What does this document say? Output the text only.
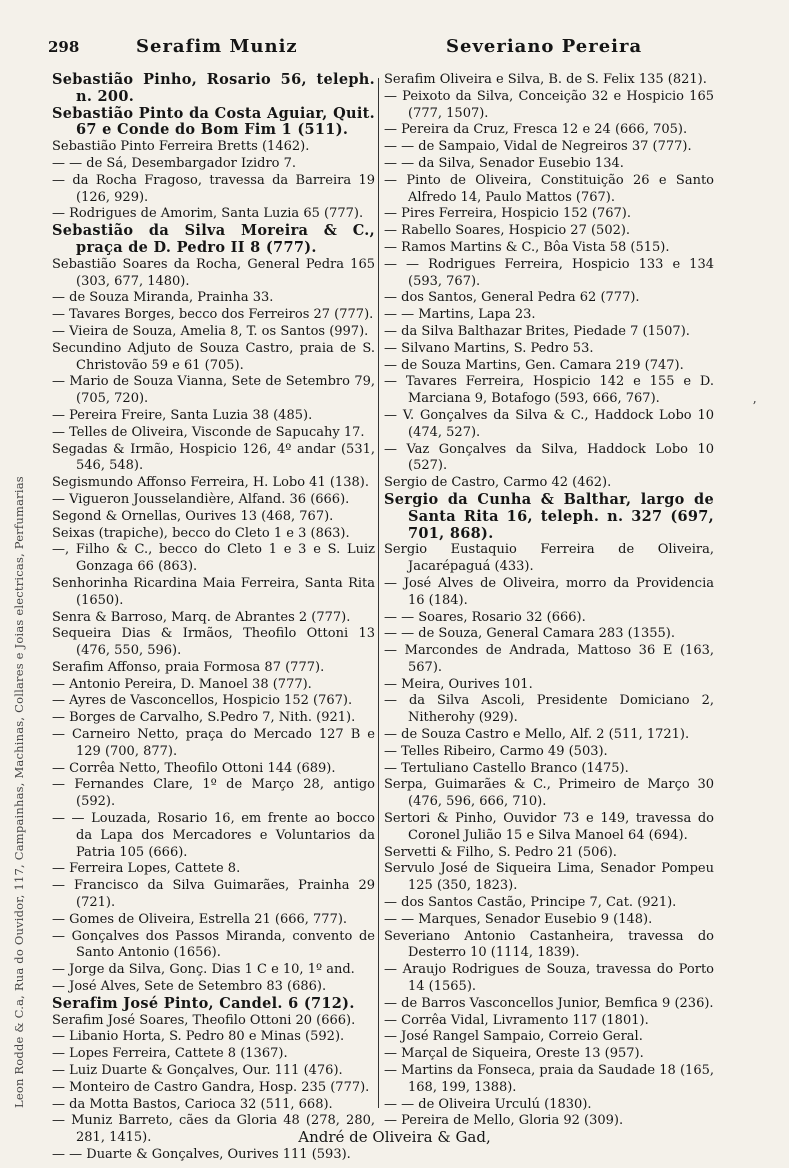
298	Serafim Muniz	Severiano Pereira
Leon Rodde & C.a, Rua do Ouvidor, 117, Campainhas, Machinas, Collares e Joias electricas, Perfumarias
Sebastião Pinho, Rosario 56, teleph. n. 200.
Sebastião Pinto da Costa Aguiar, Quit. 67 e Conde do Bom Fim 1 (511).
Sebastião Pinto Ferreira Bretts (1462).
— — de Sá, Desembargador Izidro 7.
— da Rocha Fragoso, travessa da Barreira 19 (126, 929).
— Rodrigues de Amorim, Santa Luzia 65 (777).
Sebastião da Silva Moreira & C., praça de D. Pedro II 8 (777).
Sebastião Soares da Rocha, General Pedra 165 (303, 677, 1480).
— de Souza Miranda, Prainha 33.
— Tavares Borges, becco dos Ferreiros 27 (777).
— Vieira de Souza, Amelia 8, T. os Santos (997).
Secundino Adjuto de Souza Castro, praia de S. Christovão 59 e 61 (705).
— Mario de Souza Vianna, Sete de Setembro 79, (705, 720).
— Pereira Freire, Santa Luzia 38 (485).
— Telles de Oliveira, Visconde de Sapucahy 17.
Segadas & Irmão, Hospicio 126, 4º andar (531, 546, 548).
Segismundo Affonso Ferreira, H. Lobo 41 (138).
— Vigueron Jousselandière, Alfand. 36 (666).
Segond & Ornellas, Ourives 13 (468, 767).
Seixas (trapiche), becco do Cleto 1 e 3 (863).
—, Filho & C., becco do Cleto 1 e 3 e S. Luiz Gonzaga 66 (863).
Senhorinha Ricardina Maia Ferreira, Santa Rita (1650).
Senra & Barroso, Marq. de Abrantes 2 (777).
Sequeira Dias & Irmãos, Theofilo Ottoni 13 (476, 550, 596).
Serafim Affonso, praia Formosa 87 (777).
— Antonio Pereira, D. Manoel 38 (777).
— Ayres de Vasconcellos, Hospicio 152 (767).
— Borges de Carvalho, S.Pedro 7, Nith. (921).
— Carneiro Netto, praça do Mercado 127 B e 129 (700, 877).
— Corrêa Netto, Theofilo Ottoni 144 (689).
— Fernandes Clare, 1º de Março 28, antigo (592).
— — Louzada, Rosario 16, em frente ao bocco da Lapa dos Mercadores e Voluntarios da Patria 105 (666).
— Ferreira Lopes, Cattete 8.
— Francisco da Silva Guimarães, Prainha 29 (721).
— Gomes de Oliveira, Estrella 21 (666, 777).
— Gonçalves dos Passos Miranda, convento de Santo Antonio (1656).
— Jorge da Silva, Gonç. Dias 1 C e 10, 1º and.
— José Alves, Sete de Setembro 83 (686).
Serafim José Pinto, Candel. 6 (712).
Serafim José Soares, Theofilo Ottoni 20 (666).
— Libanio Horta, S. Pedro 80 e Minas (592).
— Lopes Ferreira, Cattete 8 (1367).
— Luiz Duarte & Gonçalves, Our. 111 (476).
— Monteiro de Castro Gandra, Hosp. 235 (777).
— da Motta Bastos, Carioca 32 (511, 668).
— Muniz Barreto, cães da Gloria 48 (278, 280, 281, 1415).
— — Duarte & Gonçalves, Ourives 111 (593).
Serafim Oliveira e Silva, B. de S. Felix 135 (821).
— Peixoto da Silva, Conceição 32 e Hospicio 165 (777, 1507).
— Pereira da Cruz, Fresca 12 e 24 (666, 705).
— — de Sampaio, Vidal de Negreiros 37 (777).
— — da Silva, Senador Eusebio 134.
— Pinto de Oliveira, Constituição 26 e Santo Alfredo 14, Paulo Mattos (767).
— Pires Ferreira, Hospicio 152 (767).
— Rabello Soares, Hospicio 27 (502).
— Ramos Martins & C., Bôa Vista 58 (515).
— — Rodrigues Ferreira, Hospicio 133 e 134 (593, 767).
— dos Santos, General Pedra 62 (777).
— — Martins, Lapa 23.
— da Silva Balthazar Brites, Piedade 7 (1507).
— Silvano Martins, S. Pedro 53.
— de Souza Martins, Gen. Camara 219 (747).
— Tavares Ferreira, Hospicio 142 e 155 e D. Marciana 9, Botafogo (593, 666, 767).
— V. Gonçalves da Silva & C., Haddock Lobo 10 (474, 527).
— Vaz Gonçalves da Silva, Haddock Lobo 10 (527).
Sergio de Castro, Carmo 42 (462).
Sergio da Cunha & Balthar, largo de Santa Rita 16, teleph. n. 327 (697, 701, 868).
Sergio Eustaquio Ferreira de Oliveira, Jacarépaguá (433).
— José Alves de Oliveira, morro da Providencia 16 (184).
— — Soares, Rosario 32 (666).
— — de Souza, General Camara 283 (1355).
— Marcondes de Andrada, Mattoso 36 E (163, 567).
— Meira, Ourives 101.
— da Silva Ascoli, Presidente Domiciano 2, Nitherohy (929).
— de Souza Castro e Mello, Alf. 2 (511, 1721).
— Telles Ribeiro, Carmo 49 (503).
— Tertuliano Castello Branco (1475).
Serpa, Guimarães & C., Primeiro de Março 30 (476, 596, 666, 710).
Sertori & Pinho, Ouvidor 73 e 149, travessa do Coronel Julião 15 e Silva Manoel 64 (694).
Servetti & Filho, S. Pedro 21 (506).
Servulo José de Siqueira Lima, Senador Pompeu 125 (350, 1823).
— dos Santos Castão, Principe 7, Cat. (921).
— — Marques, Senador Eusebio 9 (148).
Severiano Antonio Castanheira, travessa do Desterro 10 (1114, 1839).
— Araujo Rodrigues de Souza, travessa do Porto 14 (1565).
— de Barros Vasconcellos Junior, Bemfica 9 (236).
— Corrêa Vidal, Livramento 117 (1801).
— José Rangel Sampaio, Correio Geral.
— Marçal de Siqueira, Oreste 13 (957).
— Martins da Fonseca, praia da Saudade 18 (165, 168, 199, 1388).
— — de Oliveira Urculú (1830).
— Pereira de Mello, Gloria 92 (309).
ʼ
André de Oliveira & Gad,
